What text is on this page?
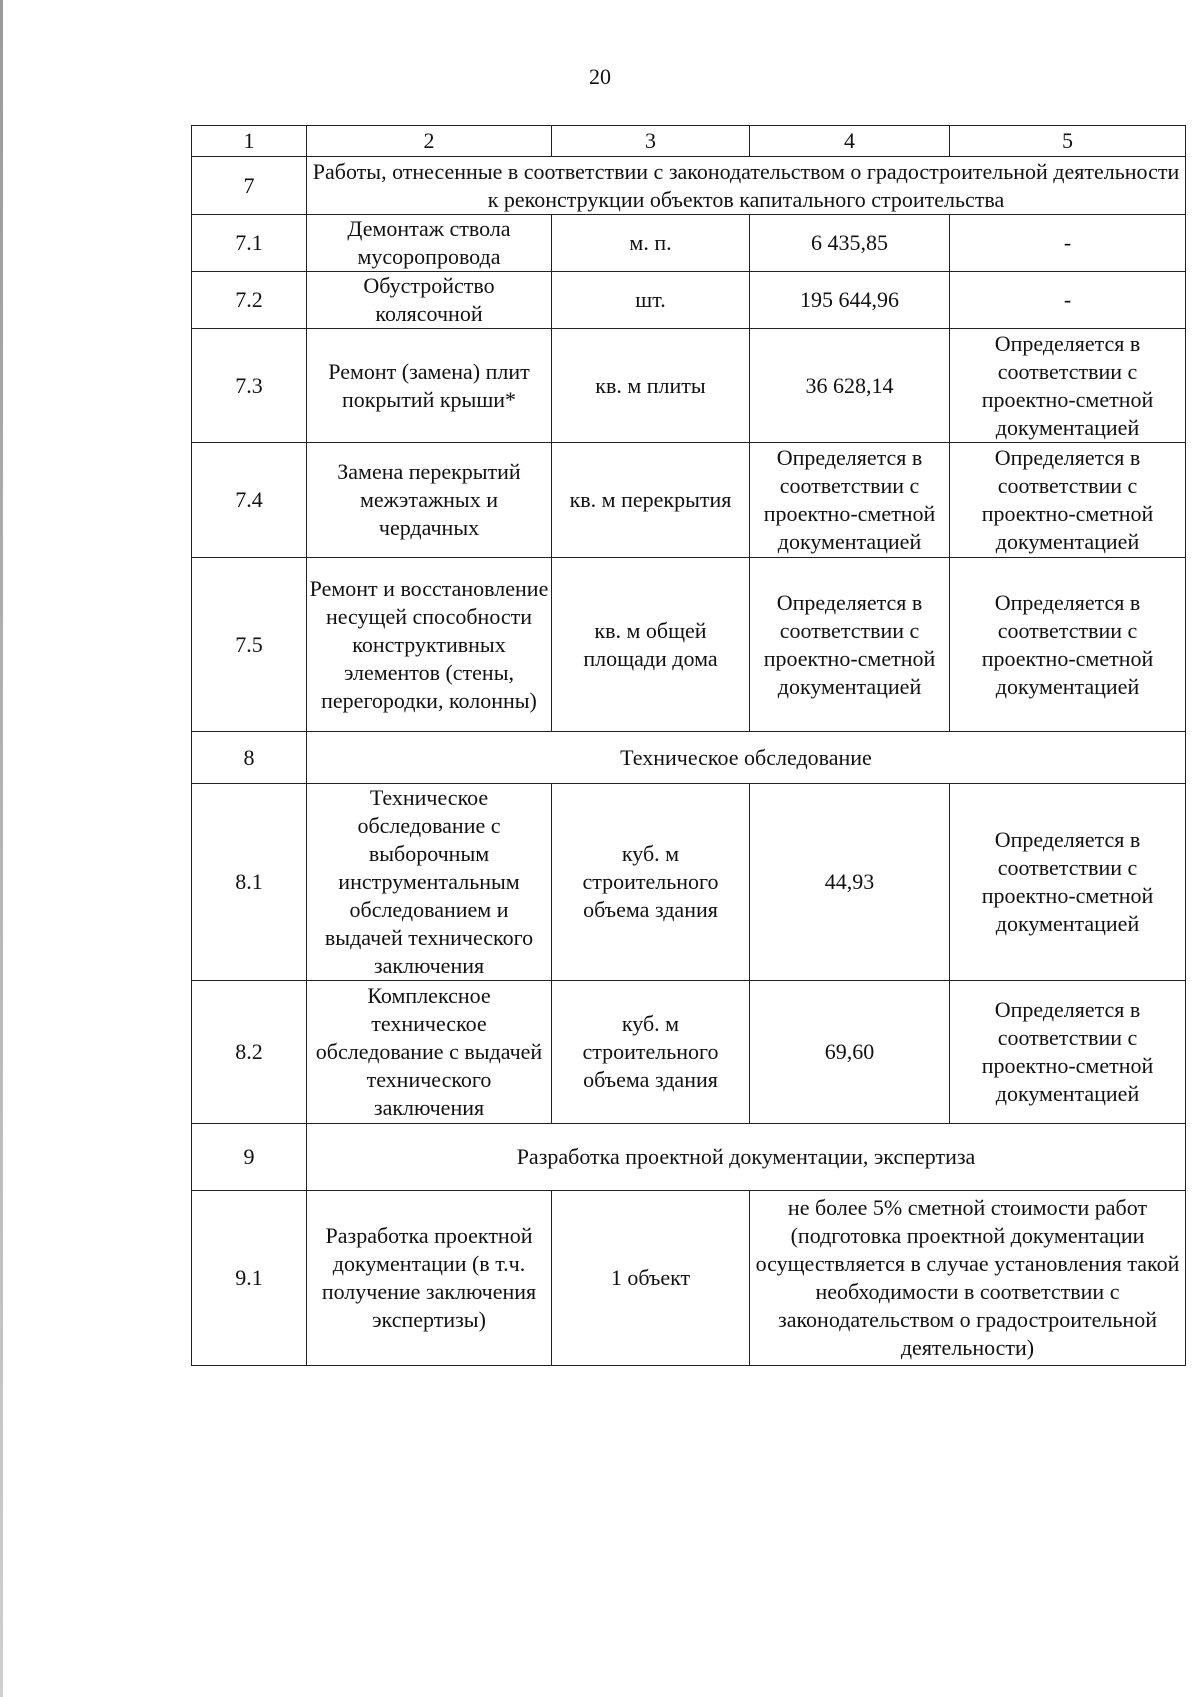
20
1	2	3	4	5
7	Работы, отнесенные в соответствии с законодательством о градостроительной деятельности к реконструкции объектов капитального строительства			
7.1	Демонтаж ствола мусоропровода	м. п.	6 435,85	-
7.2	Обустройство колясочной	шт.	195 644,96	-
7.3	Ремонт (замена) плит покрытий крыши*	кв. м плиты	36 628,14	Определяется в соответствии с проектно-сметной документацией
7.4	Замена перекрытий межэтажных и чердачных	кв. м перекрытия	Определяется в соответствии с проектно-сметной документацией	Определяется в соответствии с проектно-сметной документацией
7.5	Ремонт и восстановление несущей способности конструктивных элементов (стены, перегородки, колонны)	кв. м общей площади дома	Определяется в соответствии с проектно-сметной документацией	Определяется в соответствии с проектно-сметной документацией
8	Техническое обследование			
8.1	Техническое обследование с выборочным инструментальным обследованием и выдачей технического заключения	куб. м строительного объема здания	44,93	Определяется в соответствии с проектно-сметной документацией
8.2	Комплексное техническое обследование с выдачей технического заключения	куб. м строительного объема здания	69,60	Определяется в соответствии с проектно-сметной документацией
9	Разработка проектной документации, экспертиза			
9.1	Разработка проектной документации (в т.ч. получение заключения экспертизы)	1 объект	не более 5% сметной стоимости работ (подготовка проектной документации осуществляется в случае установления такой необходимости в соответствии с законодательством о градостроительной деятельности)	
